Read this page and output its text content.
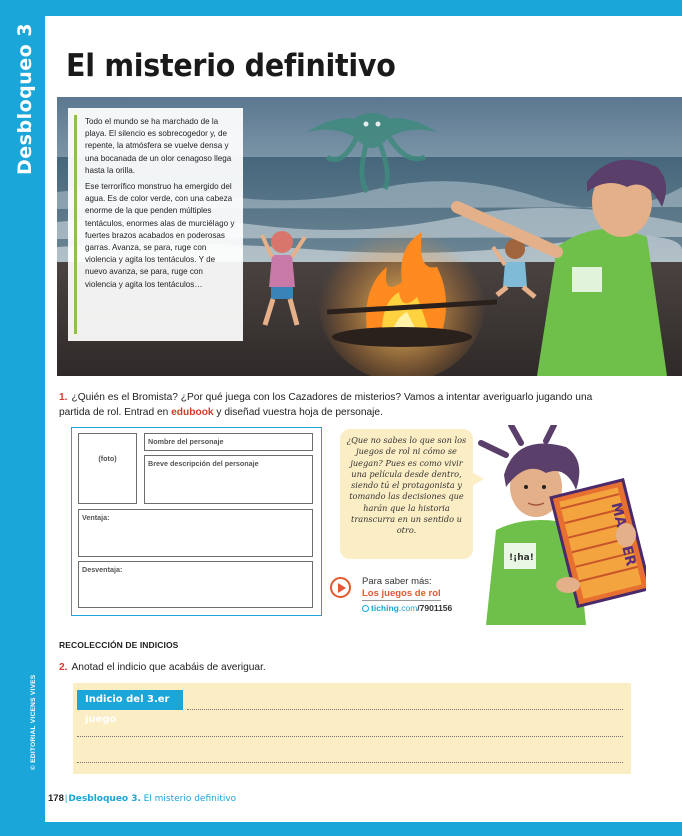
Desbloqueo 3
© EDITORIAL VICENS VIVES
El misterio definitivo

Todo el mundo se ha marchado de la playa. El silencio es sobrecogedor y, de repente, la atmósfera se vuelve densa y una bocanada de un olor cenagoso llega hasta la orilla.

Ese terrorífico monstruo ha emergido del agua. Es de color verde, con una cabeza enorme de la que penden múltiples tentáculos, enormes alas de murciélago y fuertes brazos acabados en poderosas garras. Avanza, se para, ruge con violencia y agita los tentáculos. Y de nuevo avanza, se para, ruge con violencia y agita los tentáculos…

1. ¿Quién es el Bromista? ¿Por qué juega con los Cazadores de misterios? Vamos a intentar averiguarlo jugando una partida de rol. Entrad en edubook y diseñad vuestra hoja de personaje.
(foto)
Nombre del personaje
Breve descripción del personaje
Ventaja:
Desventaja:
¿Que no sabes lo que son los juegos de rol ni cómo se juegan? Pues es como vivir una película desde dentro, siendo tú el protagonista y tomando las decisiones que harán que la historia transcurra en un sentido u otro.
Para saber más:
Los juegos de rol
tiching.com/7901156
!¡ha!
RECOLECCIÓN DE INDICIOS
2. Anotad el indicio que acabáis de averiguar.
Indicio del 3.er juego
178|Desbloqueo 3. El misterio definitivo
